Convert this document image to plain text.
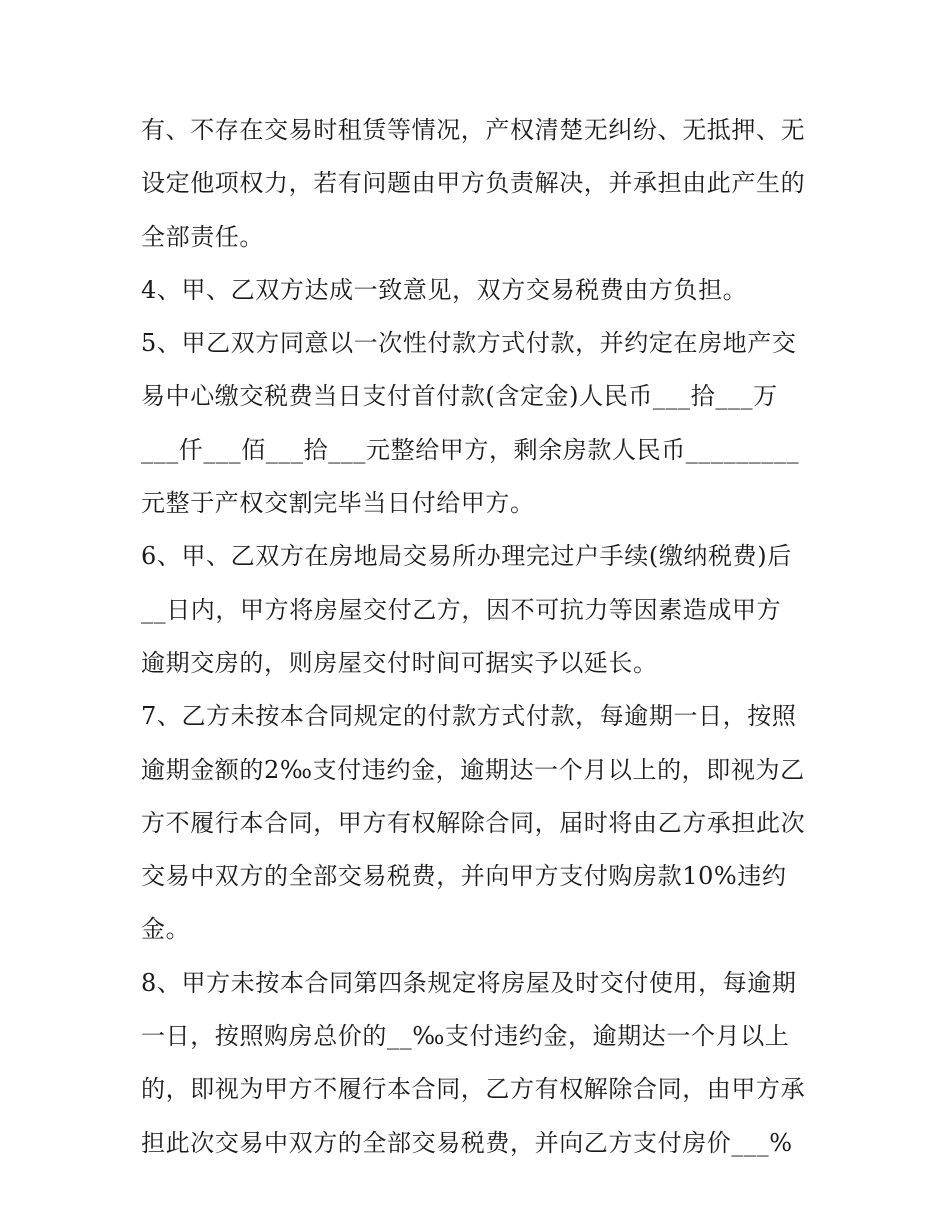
有、不存在交易时租赁等情况，产权清楚无纠纷、无抵押、无
设定他项权力，若有问题由甲方负责解决，并承担由此产生的
全部责任。
4、甲、乙双方达成一致意见，双方交易税费由方负担。
5、甲乙双方同意以一次性付款方式付款，并约定在房地产交
易中心缴交税费当日支付首付款(含定金)人民币___拾___万
___仟___佰___拾___元整给甲方，剩余房款人民币_________
元整于产权交割完毕当日付给甲方。
6、甲、乙双方在房地局交易所办理完过户手续(缴纳税费)后
__日内，甲方将房屋交付乙方，因不可抗力等因素造成甲方
逾期交房的，则房屋交付时间可据实予以延长。
7、乙方未按本合同规定的付款方式付款，每逾期一日，按照
逾期金额的2‰支付违约金，逾期达一个月以上的，即视为乙
方不履行本合同，甲方有权解除合同，届时将由乙方承担此次
交易中双方的全部交易税费，并向甲方支付购房款10%违约
金。
8、甲方未按本合同第四条规定将房屋及时交付使用，每逾期
一日，按照购房总价的__‰支付违约金，逾期达一个月以上
的，即视为甲方不履行本合同，乙方有权解除合同，由甲方承
担此次交易中双方的全部交易税费，并向乙方支付房价___%
